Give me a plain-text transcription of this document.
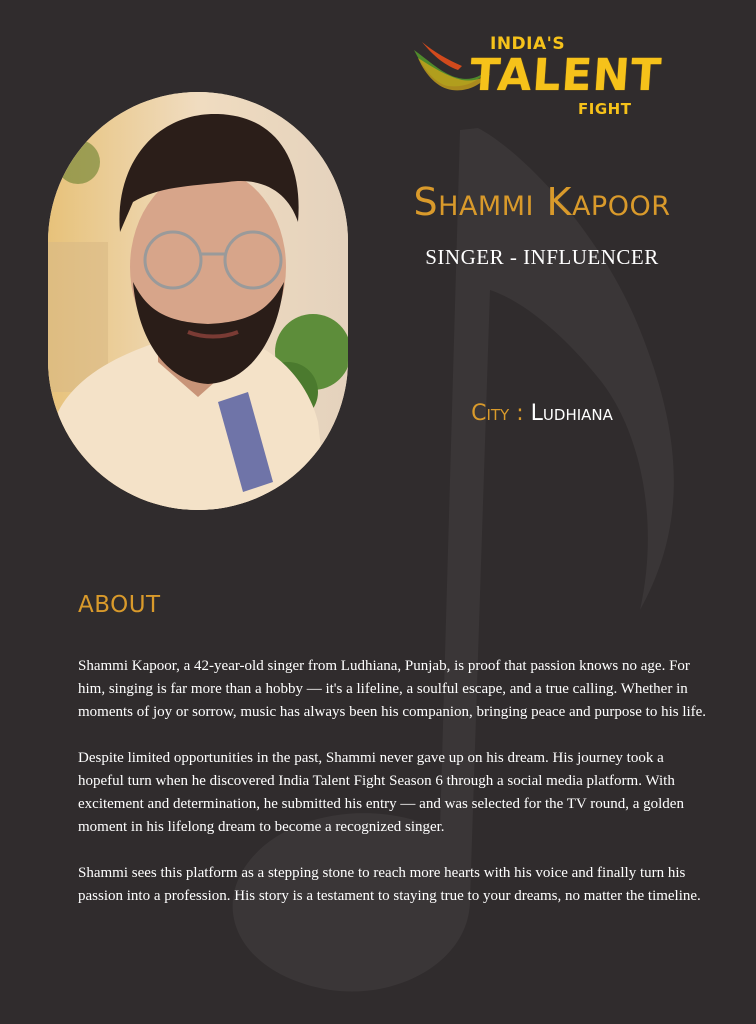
INDIA'S
TALENT
FIGHT
Shammi Kapoor
SINGER - INFLUENCER
City : Ludhiana
ABOUT

Shammi Kapoor, a 42-year-old singer from Ludhiana, Punjab, is proof that passion knows no age. For him, singing is far more than a hobby — it's a lifeline, a soulful escape, and a true calling. Whether in moments of joy or sorrow, music has always been his companion, bringing peace and purpose to his life.

Despite limited opportunities in the past, Shammi never gave up on his dream. His journey took a hopeful turn when he discovered India Talent Fight Season 6 through a social media platform. With excitement and determination, he submitted his entry — and was selected for the TV round, a golden moment in his lifelong dream to become a recognized singer.

Shammi sees this platform as a stepping stone to reach more hearts with his voice and finally turn his passion into a profession. His story is a testament to staying true to your dreams, no matter the timeline.
